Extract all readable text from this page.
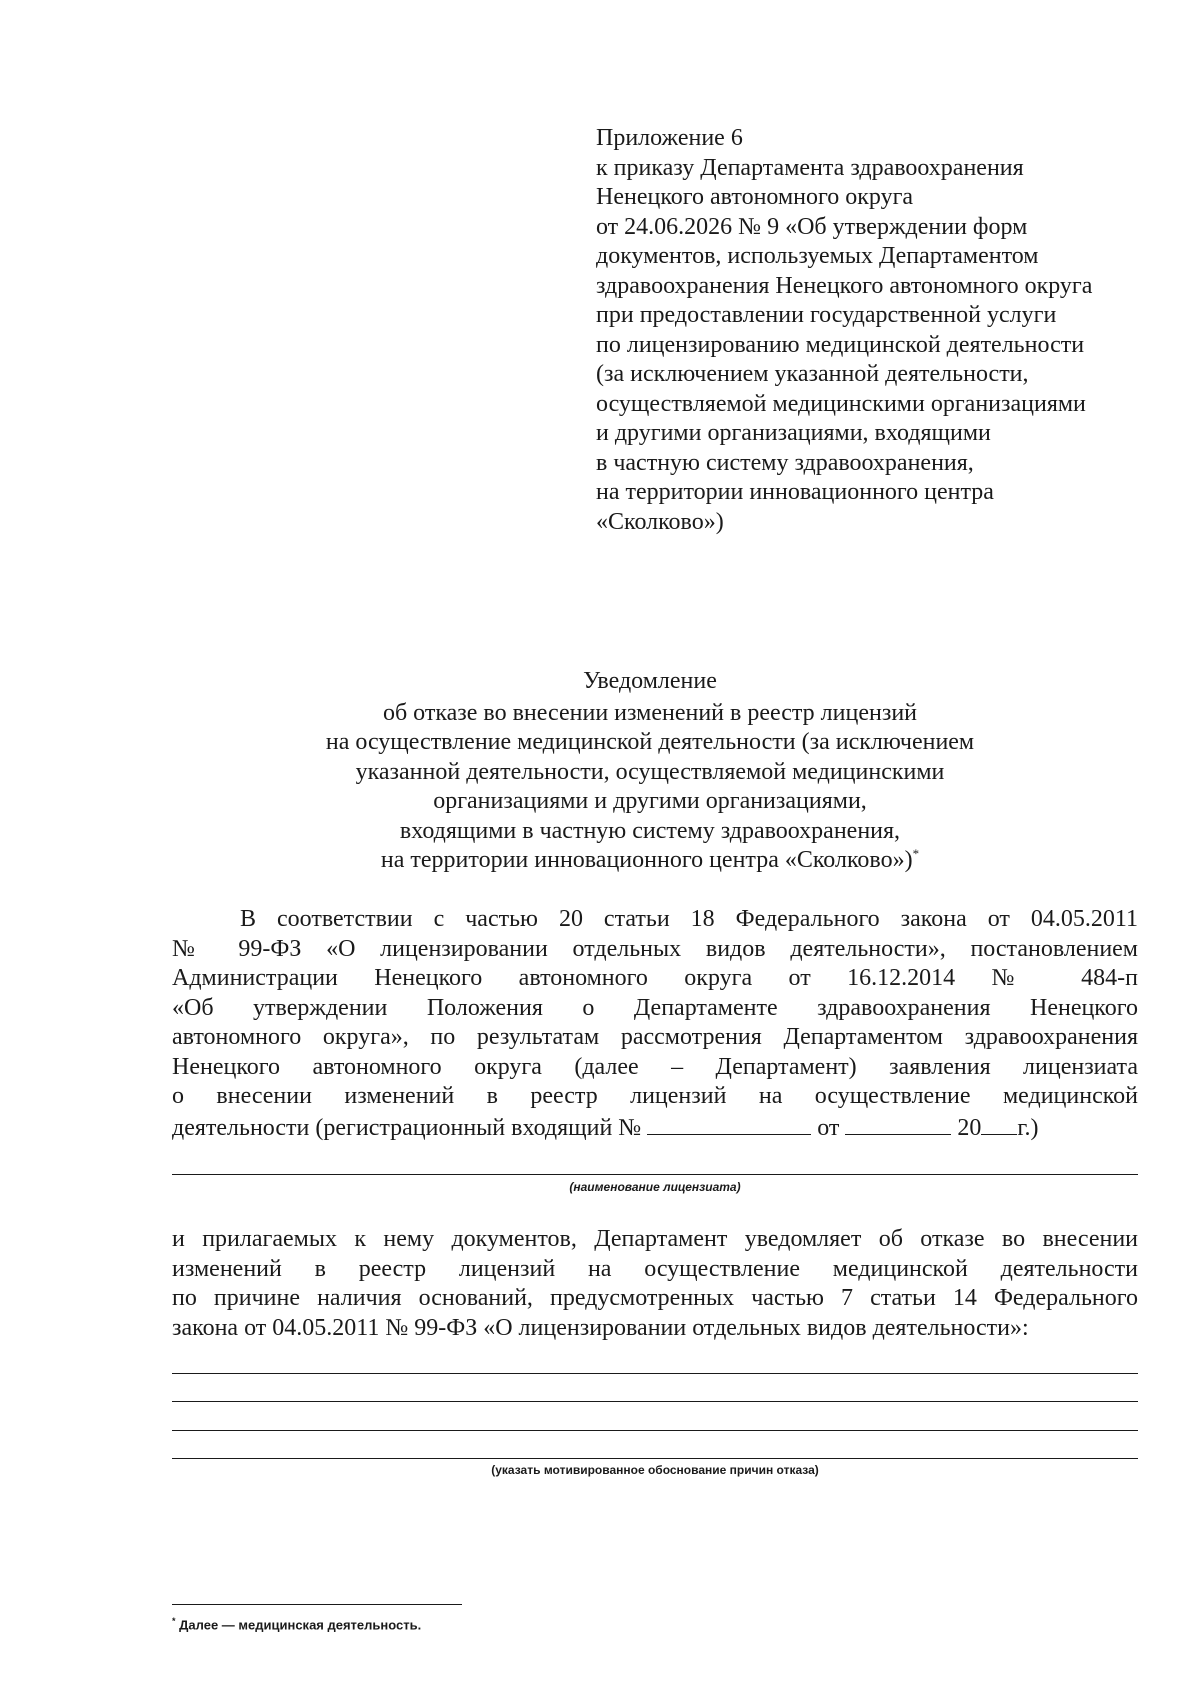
Приложение 6
к приказу Департамента здравоохранения
Ненецкого автономного округа
от 24.06.2026 № 9 «Об утверждении форм
документов, используемых Департаментом
здравоохранения Ненецкого автономного округа
при предоставлении государственной услуги
по лицензированию медицинской деятельности
(за исключением указанной деятельности,
осуществляемой медицинскими организациями
и другими организациями, входящими
в частную систему здравоохранения,
на территории инновационного центра
«Сколково»)
Уведомление
об отказе во внесении изменений в реестр лицензий
на осуществление медицинской деятельности (за исключением
указанной деятельности, осуществляемой медицинскими
организациями и другими организациями,
входящими в частную систему здравоохранения,
на территории инновационного центра «Сколково»)*
В соответствии с частью 20 статьи 18 Федерального закона от 04.05.2011
№ 99-ФЗ «О лицензировании отдельных видов деятельности», постановлением
Администрации Ненецкого автономного округа от 16.12.2014 № 484-п
«Об утверждении Положения о Департаменте здравоохранения Ненецкого
автономного округа», по результатам рассмотрения Департаментом здравоохранения
Ненецкого автономного округа (далее – Департамент) заявления лицензиата
о внесении изменений в реестр лицензий на осуществление медицинской
деятельности (регистрационный входящий №	от	20 г.)
(наименование лицензиата)
и прилагаемых к нему документов, Департамент уведомляет об отказе во внесении
изменений в реестр лицензий на осуществление медицинской деятельности
по причине наличия оснований, предусмотренных частью 7 статьи 14 Федерального
закона от 04.05.2011 № 99-ФЗ «О лицензировании отдельных видов деятельности»:
(указать мотивированное обоснование причин отказа)
* Далее — медицинская деятельность.
